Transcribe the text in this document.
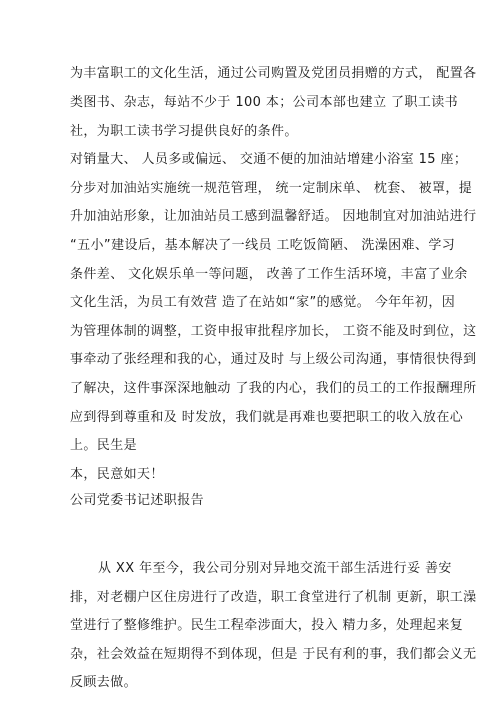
为丰富职工的文化生活，通过公司购置及党团员捐赠的方式， 配置各
类图书、杂志，每站不少于 100 本；公司本部也建立 了职工读书
社，为职工读书学习提供良好的条件。
对销量大、 人员多或偏远、 交通不便的加油站增建小浴室 15 座；
分步对加油站实施统一规范管理， 统一定制床单、 枕套、 被罩，提
升加油站形象，让加油站员工感到温馨舒适。 因地制宜对加油站进行
“五小”建设后，基本解决了一线员 工吃饭简陋、 洗澡困难、学习
条件差、 文化娱乐单一等问题， 改善了工作生活环境，丰富了业余
文化生活，为员工有效营 造了在站如“家”的感觉。 今年年初，因
为管理体制的调整，工资申报审批程序加长， 工资不能及时到位，这
事牵动了张经理和我的心，通过及时 与上级公司沟通，事情很快得到
了解决，这件事深深地触动 了我的内心，我们的员工的工作报酬理所
应到得到尊重和及 时发放，我们就是再难也要把职工的收入放在心
上。民生是
本，民意如天！
公司党委书记述职报告
从 XX 年至今，我公司分别对异地交流干部生活进行妥 善安
排，对老棚户区住房进行了改造，职工食堂进行了机制 更新，职工澡
堂进行了整修维护。民生工程牵涉面大，投入 精力多，处理起来复
杂，社会效益在短期得不到体现，但是 于民有利的事，我们都会义无
反顾去做。
